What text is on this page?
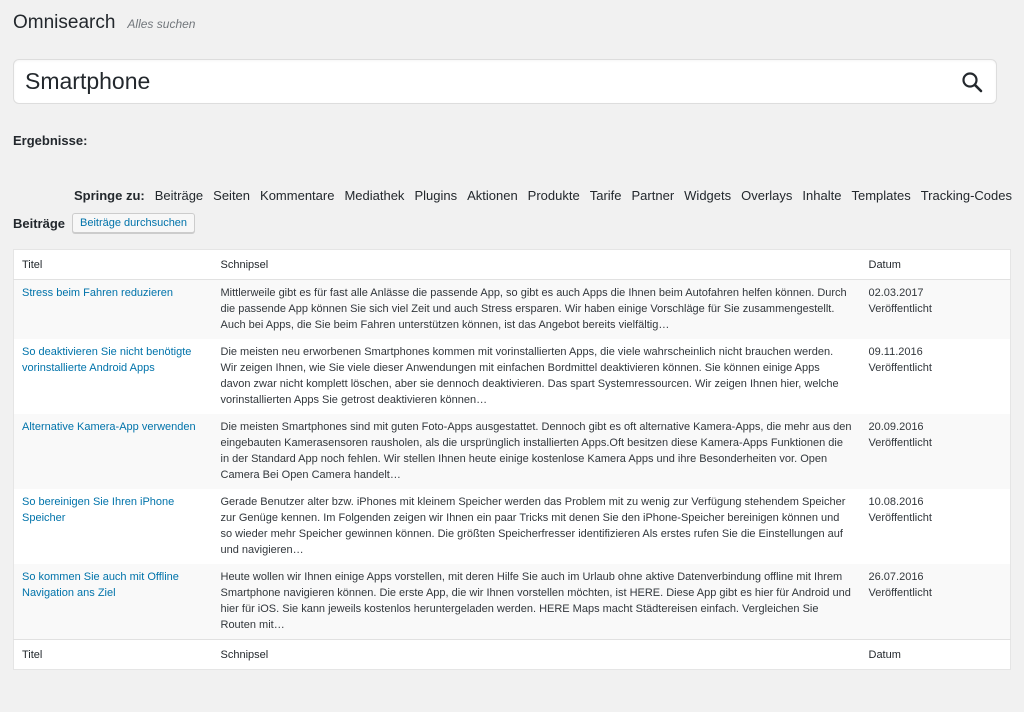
Omnisearch Alles suchen
Smartphone
Ergebnisse:
Springe zu: Beiträge Seiten Kommentare Mediathek Plugins Aktionen Produkte Tarife Partner Widgets Overlays Inhalte Templates Tracking-Codes
Beiträge	Beiträge durchsuchen
Titel	Schnipsel	Datum
Stress beim Fahren reduzieren	Mittlerweile gibt es für fast alle Anlässe die passende App, so gibt es auch Apps die Ihnen beim Autofahren helfen können. Durch die passende App können Sie sich viel Zeit und auch Stress ersparen. Wir haben einige Vorschläge für Sie zusammengestellt. Auch bei Apps, die Sie beim Fahren unterstützen können, ist das Angebot bereits vielfältig…	02.03.2017
Veröffentlicht
So deaktivieren Sie nicht benötigte vorinstallierte Android Apps	Die meisten neu erworbenen Smartphones kommen mit vorinstallierten Apps, die viele wahrscheinlich nicht brauchen werden. Wir zeigen Ihnen, wie Sie viele dieser Anwendungen mit einfachen Bordmittel deaktivieren können. Sie können einige Apps davon zwar nicht komplett löschen, aber sie dennoch deaktivieren. Das spart Systemressourcen. Wir zeigen Ihnen hier, welche vorinstallierten Apps Sie getrost deaktivieren können…	09.11.2016
Veröffentlicht
Alternative Kamera-App verwenden	Die meisten Smartphones sind mit guten Foto-Apps ausgestattet. Dennoch gibt es oft alternative Kamera-Apps, die mehr aus den eingebauten Kamerasensoren rausholen, als die ursprünglich installierten Apps.Oft besitzen diese Kamera-Apps Funktionen die in der Standard App noch fehlen. Wir stellen Ihnen heute einige kostenlose Kamera Apps und ihre Besonderheiten vor. Open Camera Bei Open Camera handelt…	20.09.2016
Veröffentlicht
So bereinigen Sie Ihren iPhone Speicher	Gerade Benutzer alter bzw. iPhones mit kleinem Speicher werden das Problem mit zu wenig zur Verfügung stehendem Speicher zur Genüge kennen. Im Folgenden zeigen wir Ihnen ein paar Tricks mit denen Sie den iPhone-Speicher bereinigen können und so wieder mehr Speicher gewinnen können. Die größten Speicherfresser identifizieren Als erstes rufen Sie die Einstellungen auf und navigieren…	10.08.2016
Veröffentlicht
So kommen Sie auch mit Offline Navigation ans Ziel	Heute wollen wir Ihnen einige Apps vorstellen, mit deren Hilfe Sie auch im Urlaub ohne aktive Datenverbindung offline mit Ihrem Smartphone navigieren können. Die erste App, die wir Ihnen vorstellen möchten, ist HERE. Diese App gibt es hier für Android und hier für iOS. Sie kann jeweils kostenlos heruntergeladen werden. HERE Maps macht Städtereisen einfach. Vergleichen Sie Routen mit…	26.07.2016
Veröffentlicht
Titel	Schnipsel	Datum
